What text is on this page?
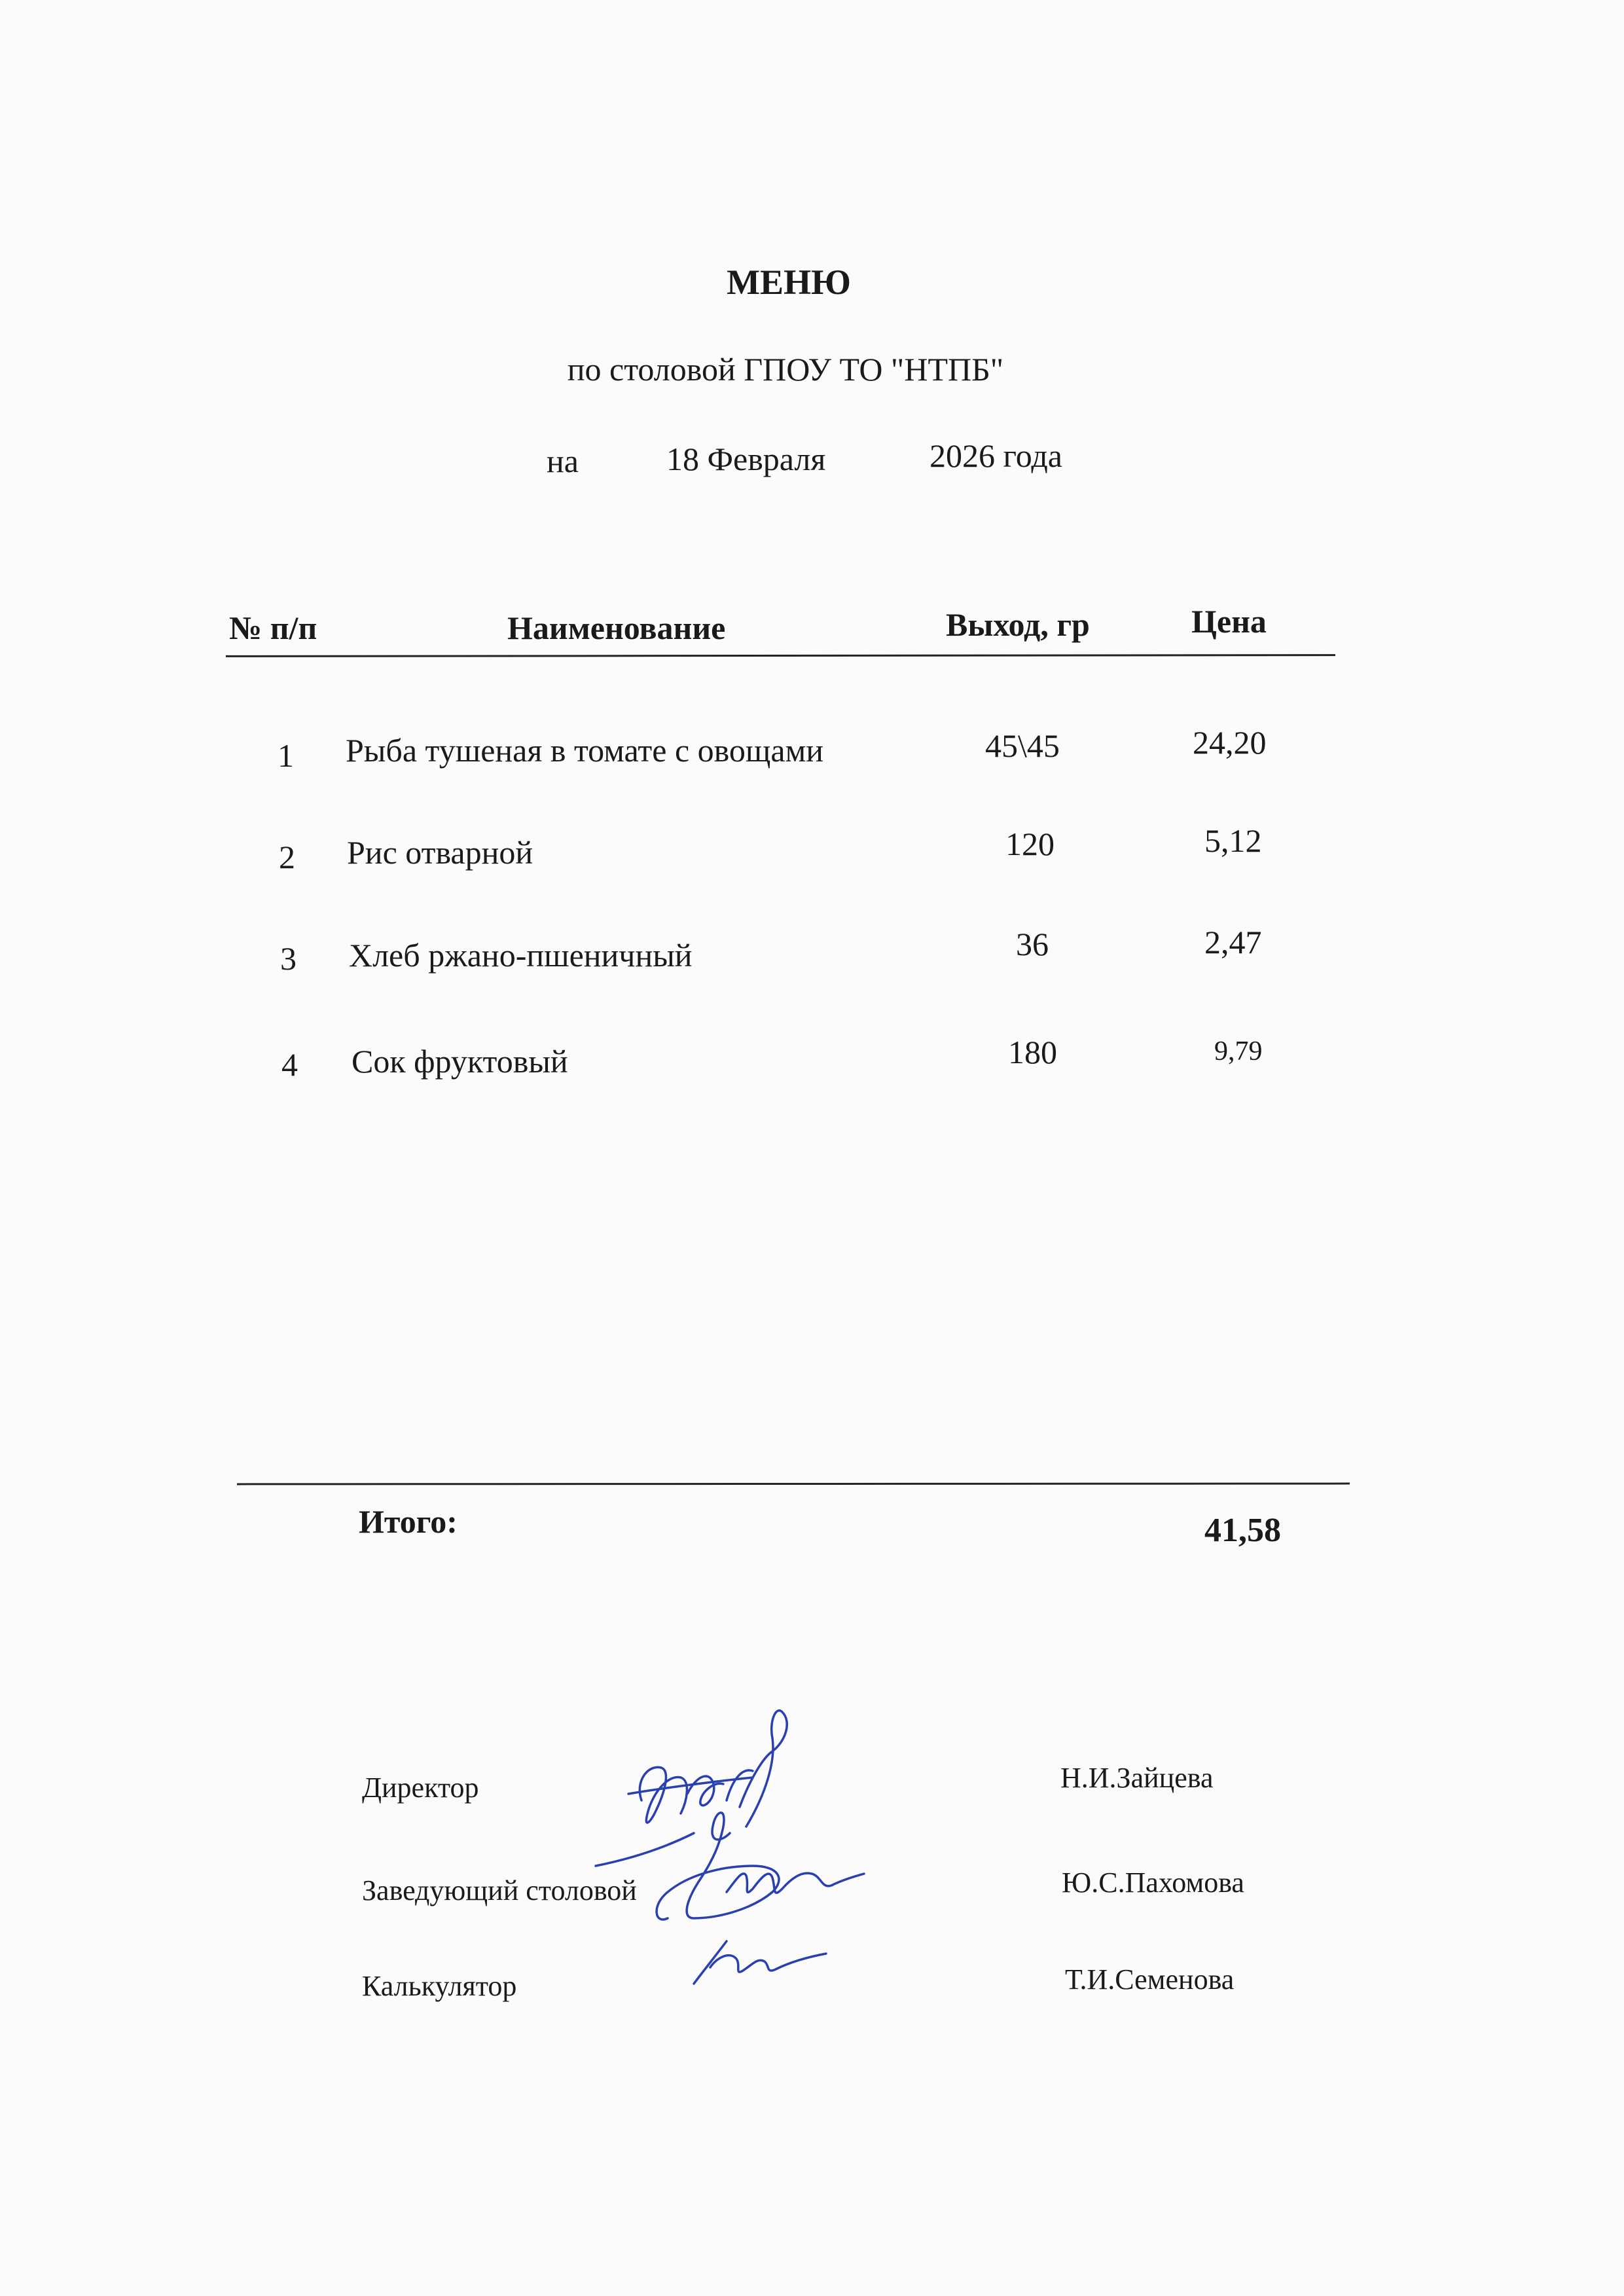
МЕНЮ
по столовой ГПОУ ТО "НТПБ"
на	18 Февраля	2026 года
№ п/п	Наименование	Выход, гр	Цена
1 Рыба тушеная в томате с овощами	45\45	24,20
2 Рис отварной	120	5,12
3 Хлеб ржано-пшеничный	36	2,47
4 Сок фруктовый	180	9,79
Итого:	41,58
Директор	Н.И.Зайцева
Заведующий столовой	Ю.С.Пахомова
Калькулятор	Т.И.Семенова
